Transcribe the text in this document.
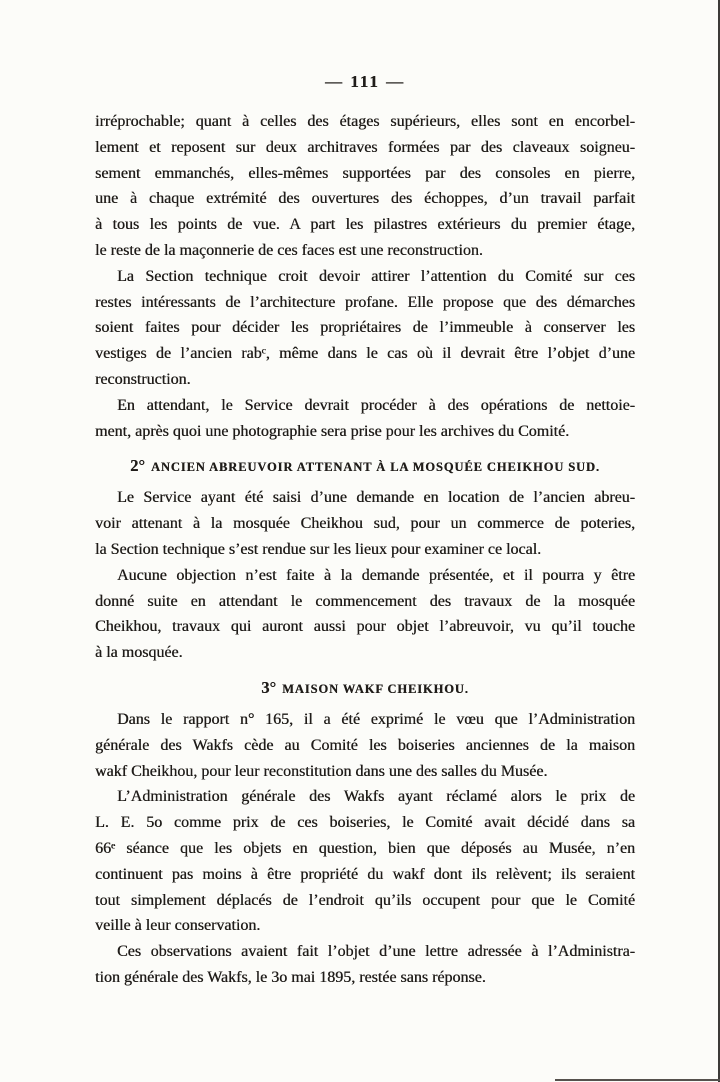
— 111 —
irréprochable; quant à celles des étages supérieurs, elles sont en encorbel-
lement et reposent sur deux architraves formées par des claveaux soigneu-
sement emmanchés, elles-mêmes supportées par des consoles en pierre,
une à chaque extrémité des ouvertures des échoppes, d’un travail parfait
à tous les points de vue. A part les pilastres extérieurs du premier étage,
le reste de la maçonnerie de ces faces est une reconstruction.
La Section technique croit devoir attirer l’attention du Comité sur ces
restes intéressants de l’architecture profane. Elle propose que des démarches
soient faites pour décider les propriétaires de l’immeuble à conserver les
vestiges de l’ancien rabᶜ, même dans le cas où il devrait être l’objet d’une
reconstruction.
En attendant, le Service devrait procéder à des opérations de nettoie-
ment, après quoi une photographie sera prise pour les archives du Comité.
2° ANCIEN ABREUVOIR ATTENANT À LA MOSQUÉE CHEIKHOU SUD.
Le Service ayant été saisi d’une demande en location de l’ancien abreu-
voir attenant à la mosquée Cheikhou sud, pour un commerce de poteries,
la Section technique s’est rendue sur les lieux pour examiner ce local.
Aucune objection n’est faite à la demande présentée, et il pourra y être
donné suite en attendant le commencement des travaux de la mosquée
Cheikhou, travaux qui auront aussi pour objet l’abreuvoir, vu qu’il touche
à la mosquée.
3° MAISON WAKF CHEIKHOU.
Dans le rapport n° 165, il a été exprimé le vœu que l’Administration
générale des Wakfs cède au Comité les boiseries anciennes de la maison
wakf Cheikhou, pour leur reconstitution dans une des salles du Musée.
L’Administration générale des Wakfs ayant réclamé alors le prix de
L. E. 5o comme prix de ces boiseries, le Comité avait décidé dans sa
66ᵉ séance que les objets en question, bien que déposés au Musée, n’en
continuent pas moins à être propriété du wakf dont ils relèvent; ils seraient
tout simplement déplacés de l’endroit qu’ils occupent pour que le Comité
veille à leur conservation.
Ces observations avaient fait l’objet d’une lettre adressée à l’Administra-
tion générale des Wakfs, le 3o mai 1895, restée sans réponse.
